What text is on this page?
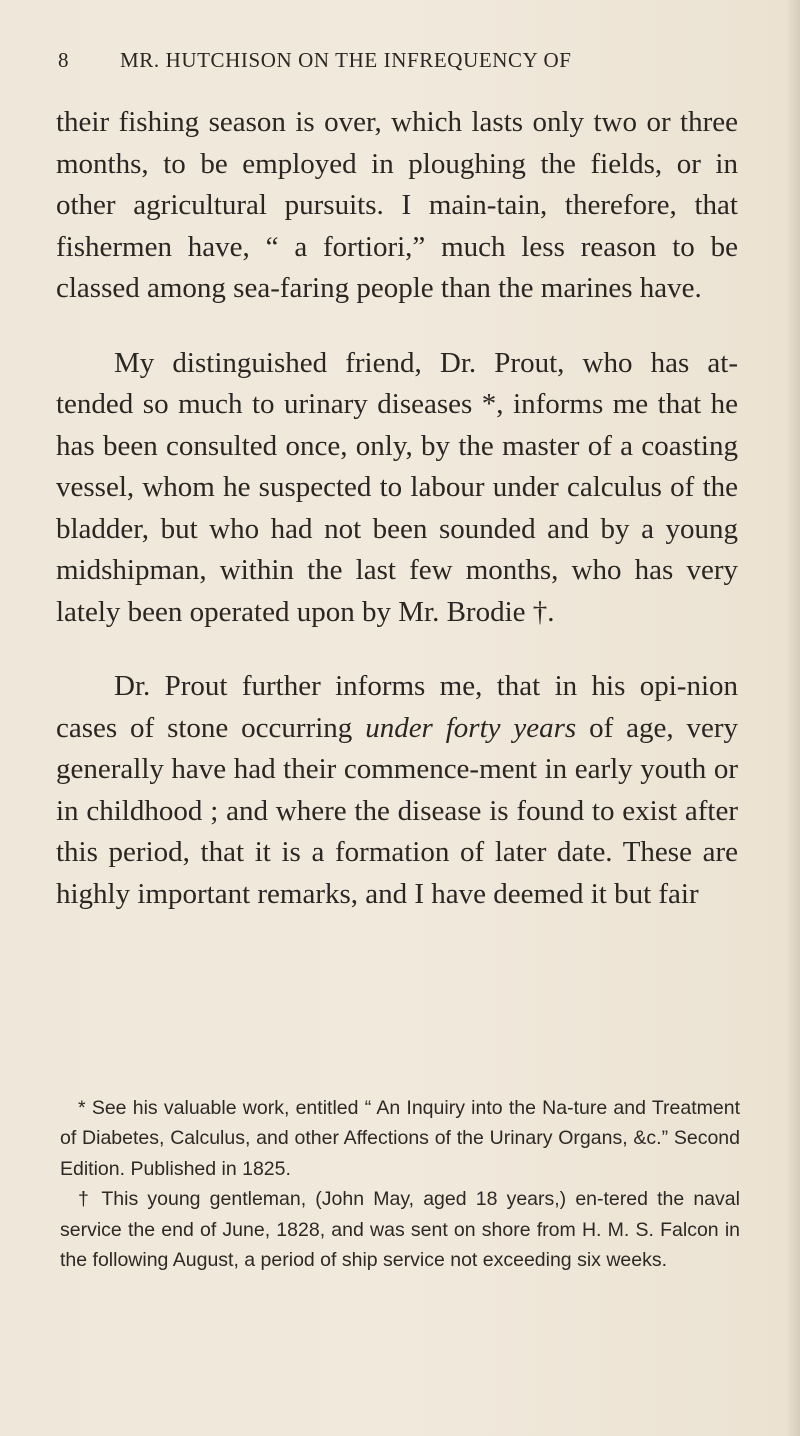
8 MR. HUTCHISON ON THE INFREQUENCY OF

their fishing season is over, which lasts only two or three months, to be employed in ploughing the fields, or in other agricultural pursuits. I main-tain, therefore, that fishermen have, “ a fortiori,” much less reason to be classed among sea-faring people than the marines have.

My distinguished friend, Dr. Prout, who has at-tended so much to urinary diseases *, informs me that he has been consulted once, only, by the master of a coasting vessel, whom he suspected to labour under calculus of the bladder, but who had not been sounded and by a young midshipman, within the last few months, who has very lately been operated upon by Mr. Brodie †.

Dr. Prout further informs me, that in his opi-nion cases of stone occurring under forty years of age, very generally have had their commence-ment in early youth or in childhood ; and where the disease is found to exist after this period, that it is a formation of later date. These are highly important remarks, and I have deemed it but fair

* See his valuable work, entitled “ An Inquiry into the Na-ture and Treatment of Diabetes, Calculus, and other Affections of the Urinary Organs, &c.” Second Edition. Published in 1825.

† This young gentleman, (John May, aged 18 years,) en-tered the naval service the end of June, 1828, and was sent on shore from H. M. S. Falcon in the following August, a period of ship service not exceeding six weeks.
